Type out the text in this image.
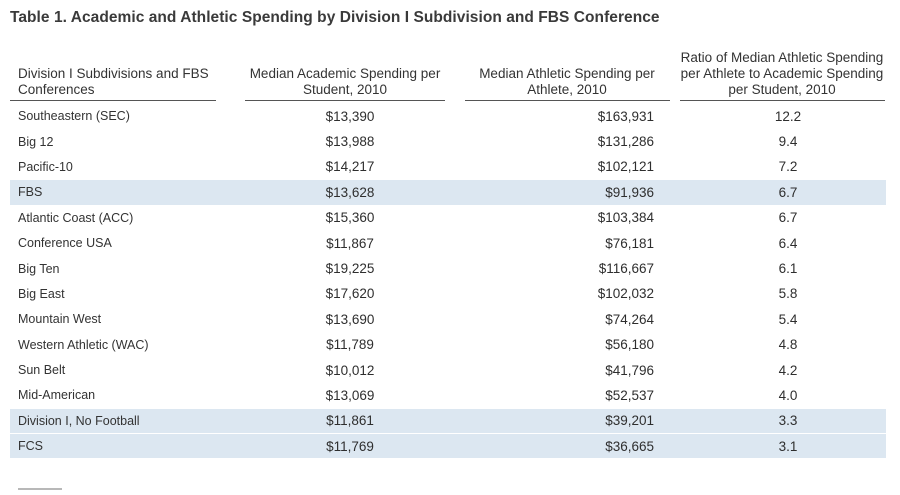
Table 1. Academic and Athletic Spending by Division I Subdivision and FBS Conference
Division I Subdivisions and FBS Conferences	Median Academic Spending per Student, 2010	Median Athletic Spending per Athlete, 2010	Ratio of Median Athletic Spending per Athlete to Academic Spending per Student, 2010
Southeastern (SEC)	$13,390	$163,931	12.2
Big 12	$13,988	$131,286	9.4
Pacific-10	$14,217	$102,121	7.2
FBS	$13,628	$91,936	6.7
Atlantic Coast (ACC)	$15,360	$103,384	6.7
Conference USA	$11,867	$76,181	6.4
Big Ten	$19,225	$116,667	6.1
Big East	$17,620	$102,032	5.8
Mountain West	$13,690	$74,264	5.4
Western Athletic (WAC)	$11,789	$56,180	4.8
Sun Belt	$10,012	$41,796	4.2
Mid-American	$13,069	$52,537	4.0
Division I, No Football	$11,861	$39,201	3.3
FCS	$11,769	$36,665	3.1
